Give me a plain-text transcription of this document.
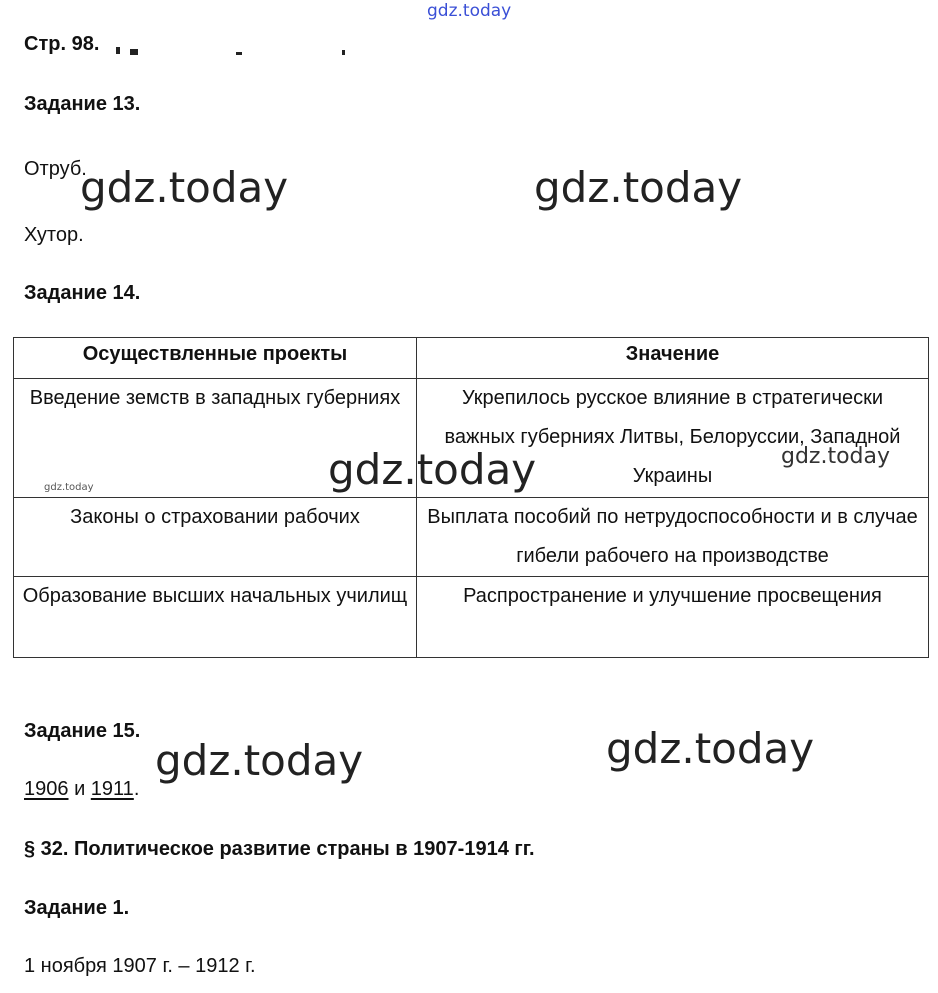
gdz.today
Стр. 98.
Задание 13.
Отруб.
Хутор.
gdz.today	gdz.today
Задание 14.
Осуществленные проекты	Значение

Введение земств в западных губерниях	Укрепилось русское влияние в стратегически важных губерниях Литвы, Белоруссии, Западной Украины

Законы о страховании рабочих	Выплата пособий по нетрудоспособности и в случае гибели рабочего на производстве

Образование высших начальных училищ	Распространение и улучшение просвещения
gdz.today	gdz.today
gdz.today
Задание 15.
1906 и 1911.
gdz.today	gdz.today
§ 32. Политическое развитие страны в 1907-1914 гг.
Задание 1.
1 ноября 1907 г. – 1912 г.
